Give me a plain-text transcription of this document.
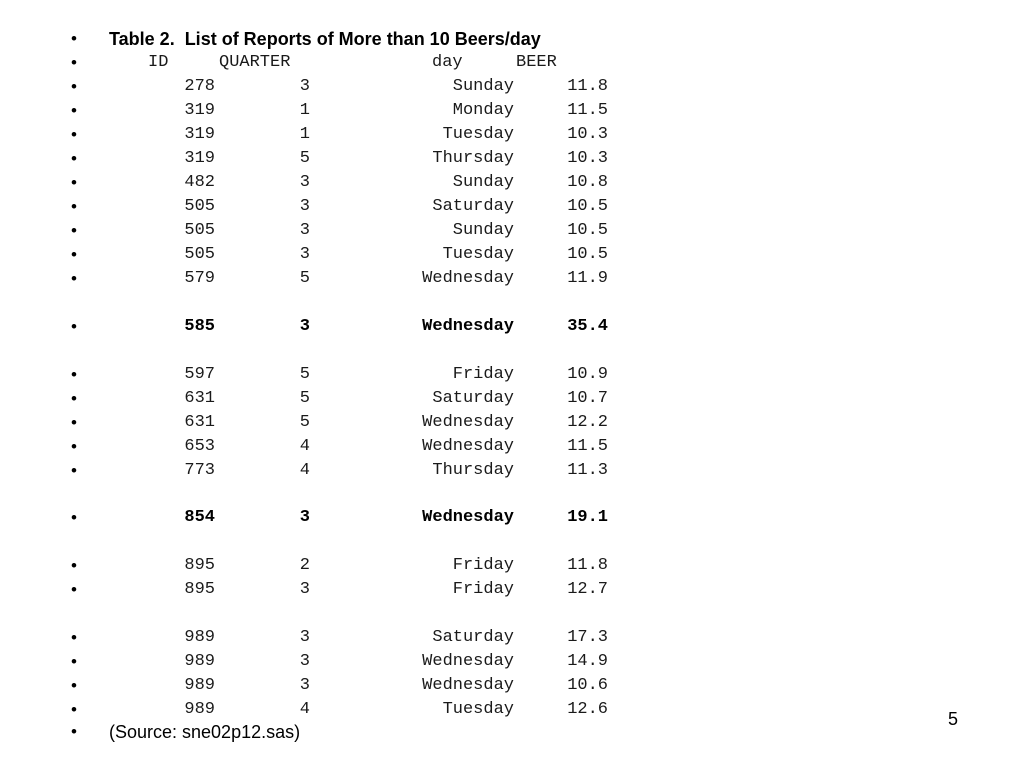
• Table 2.  List of Reports of More than 10 Beers/day
•	ID	QUARTER	day	BEER
•	278	3	Sunday	11.8
•	319	1	Monday	11.5
•	319	1	Tuesday	10.3
•	319	5	Thursday	10.3
•	482	3	Sunday	10.8
•	505	3	Saturday	10.5
•	505	3	Sunday	10.5
•	505	3	Tuesday	10.5
•	579	5	Wednesday	11.9
•	585	3	Wednesday	35.4
•	597	5	Friday	10.9
•	631	5	Saturday	10.7
•	631	5	Wednesday	12.2
•	653	4	Wednesday	11.5
•	773	4	Thursday	11.3
•	854	3	Wednesday	19.1
•	895	2	Friday	11.8
•	895	3	Friday	12.7
•	989	3	Saturday	17.3
•	989	3	Wednesday	14.9
•	989	3	Wednesday	10.6
•	989	4	Tuesday	12.6
• (Source: sne02p12.sas)
5
